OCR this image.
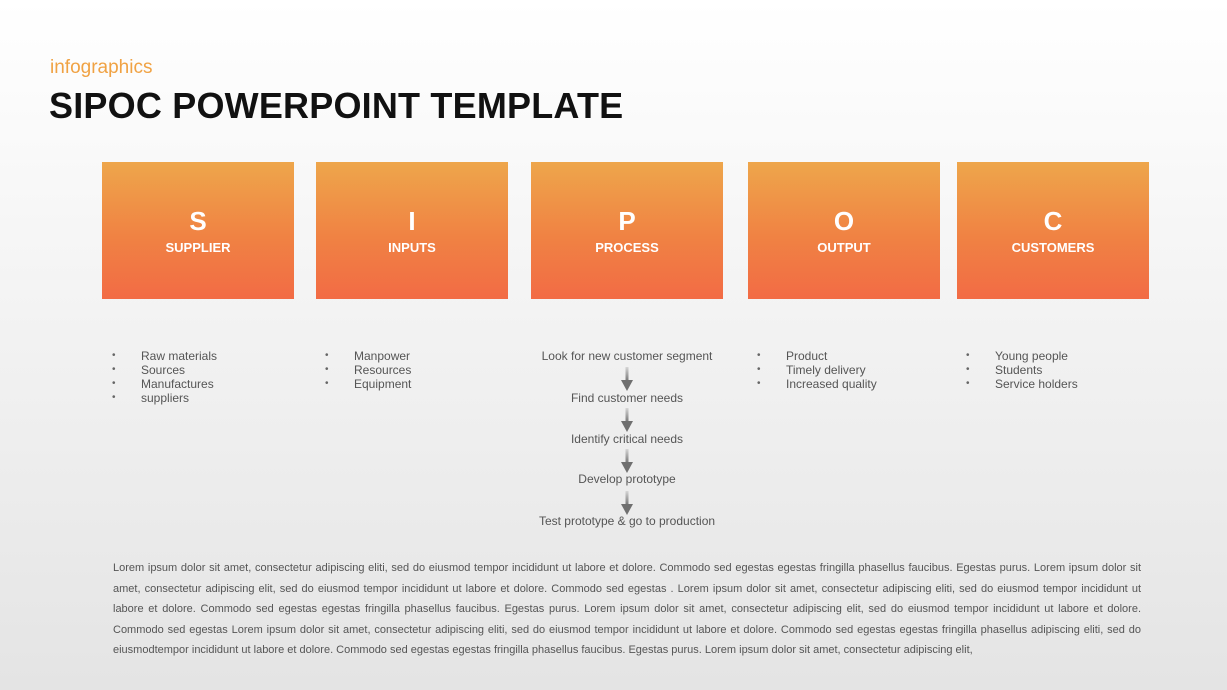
infographics
SIPOC POWERPOINT TEMPLATE
S
SUPPLIER
I
INPUTS
P
PROCESS
O
OUTPUT
C
CUSTOMERS
• Raw materials
• Sources
• Manufactures
• suppliers
• Manpower
• Resources
• Equipment
• Product
• Timely delivery
• Increased quality
• Young people
• Students
• Service holders
Look for new customer segment
Find customer needs
Identify critical needs
Develop prototype
Test prototype & go to production
Lorem ipsum dolor sit amet, consectetur adipiscing eliti, sed do eiusmod tempor incididunt ut labore et dolore. Commodo sed egestas egestas fringilla phasellus faucibus. Egestas purus. Lorem ipsum dolor sit amet, consectetur adipiscing elit, sed do eiusmod tempor incididunt ut labore et dolore. Commodo sed egestas . Lorem ipsum dolor sit amet, consectetur adipiscing eliti, sed do eiusmod tempor incididunt ut labore et dolore. Commodo sed egestas egestas fringilla phasellus faucibus. Egestas purus. Lorem ipsum dolor sit amet, consectetur adipiscing elit, sed do eiusmod tempor incididunt ut labore et dolore. Commodo sed egestas Lorem ipsum dolor sit amet, consectetur adipiscing eliti, sed do eiusmod tempor incididunt ut labore et dolore. Commodo sed egestas egestas fringilla phasellus adipiscing eliti, sed do eiusmodtempor incididunt ut labore et dolore. Commodo sed egestas egestas fringilla phasellus faucibus. Egestas purus. Lorem ipsum dolor sit amet, consectetur adipiscing elit,
